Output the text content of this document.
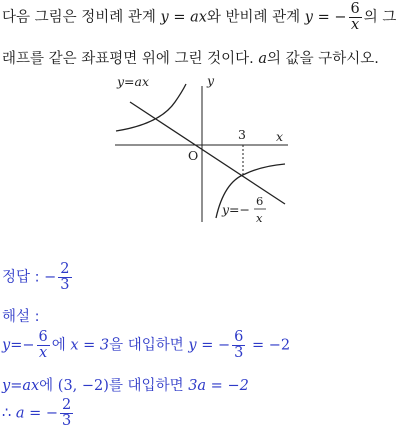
다음 그림은 정비례 관계 y = ax와 반비례 관계 y = − $\frac{6}{x}$ 의 그
래프를 같은 좌표평면 위에 그린 것이다. a의 값을 구하시오.
y=ax	y
x
O
3
y=−
6
x
정답 : − $\frac{2}{3}$
해설 :
$y=- \frac{6}{x}$ 에 x = 3을 대입하면 y = − $\frac{6}{3} = -2$
y=ax에 (3, −2)를 대입하면 3a = −2
∴ a = − $\frac{2}{3}$
